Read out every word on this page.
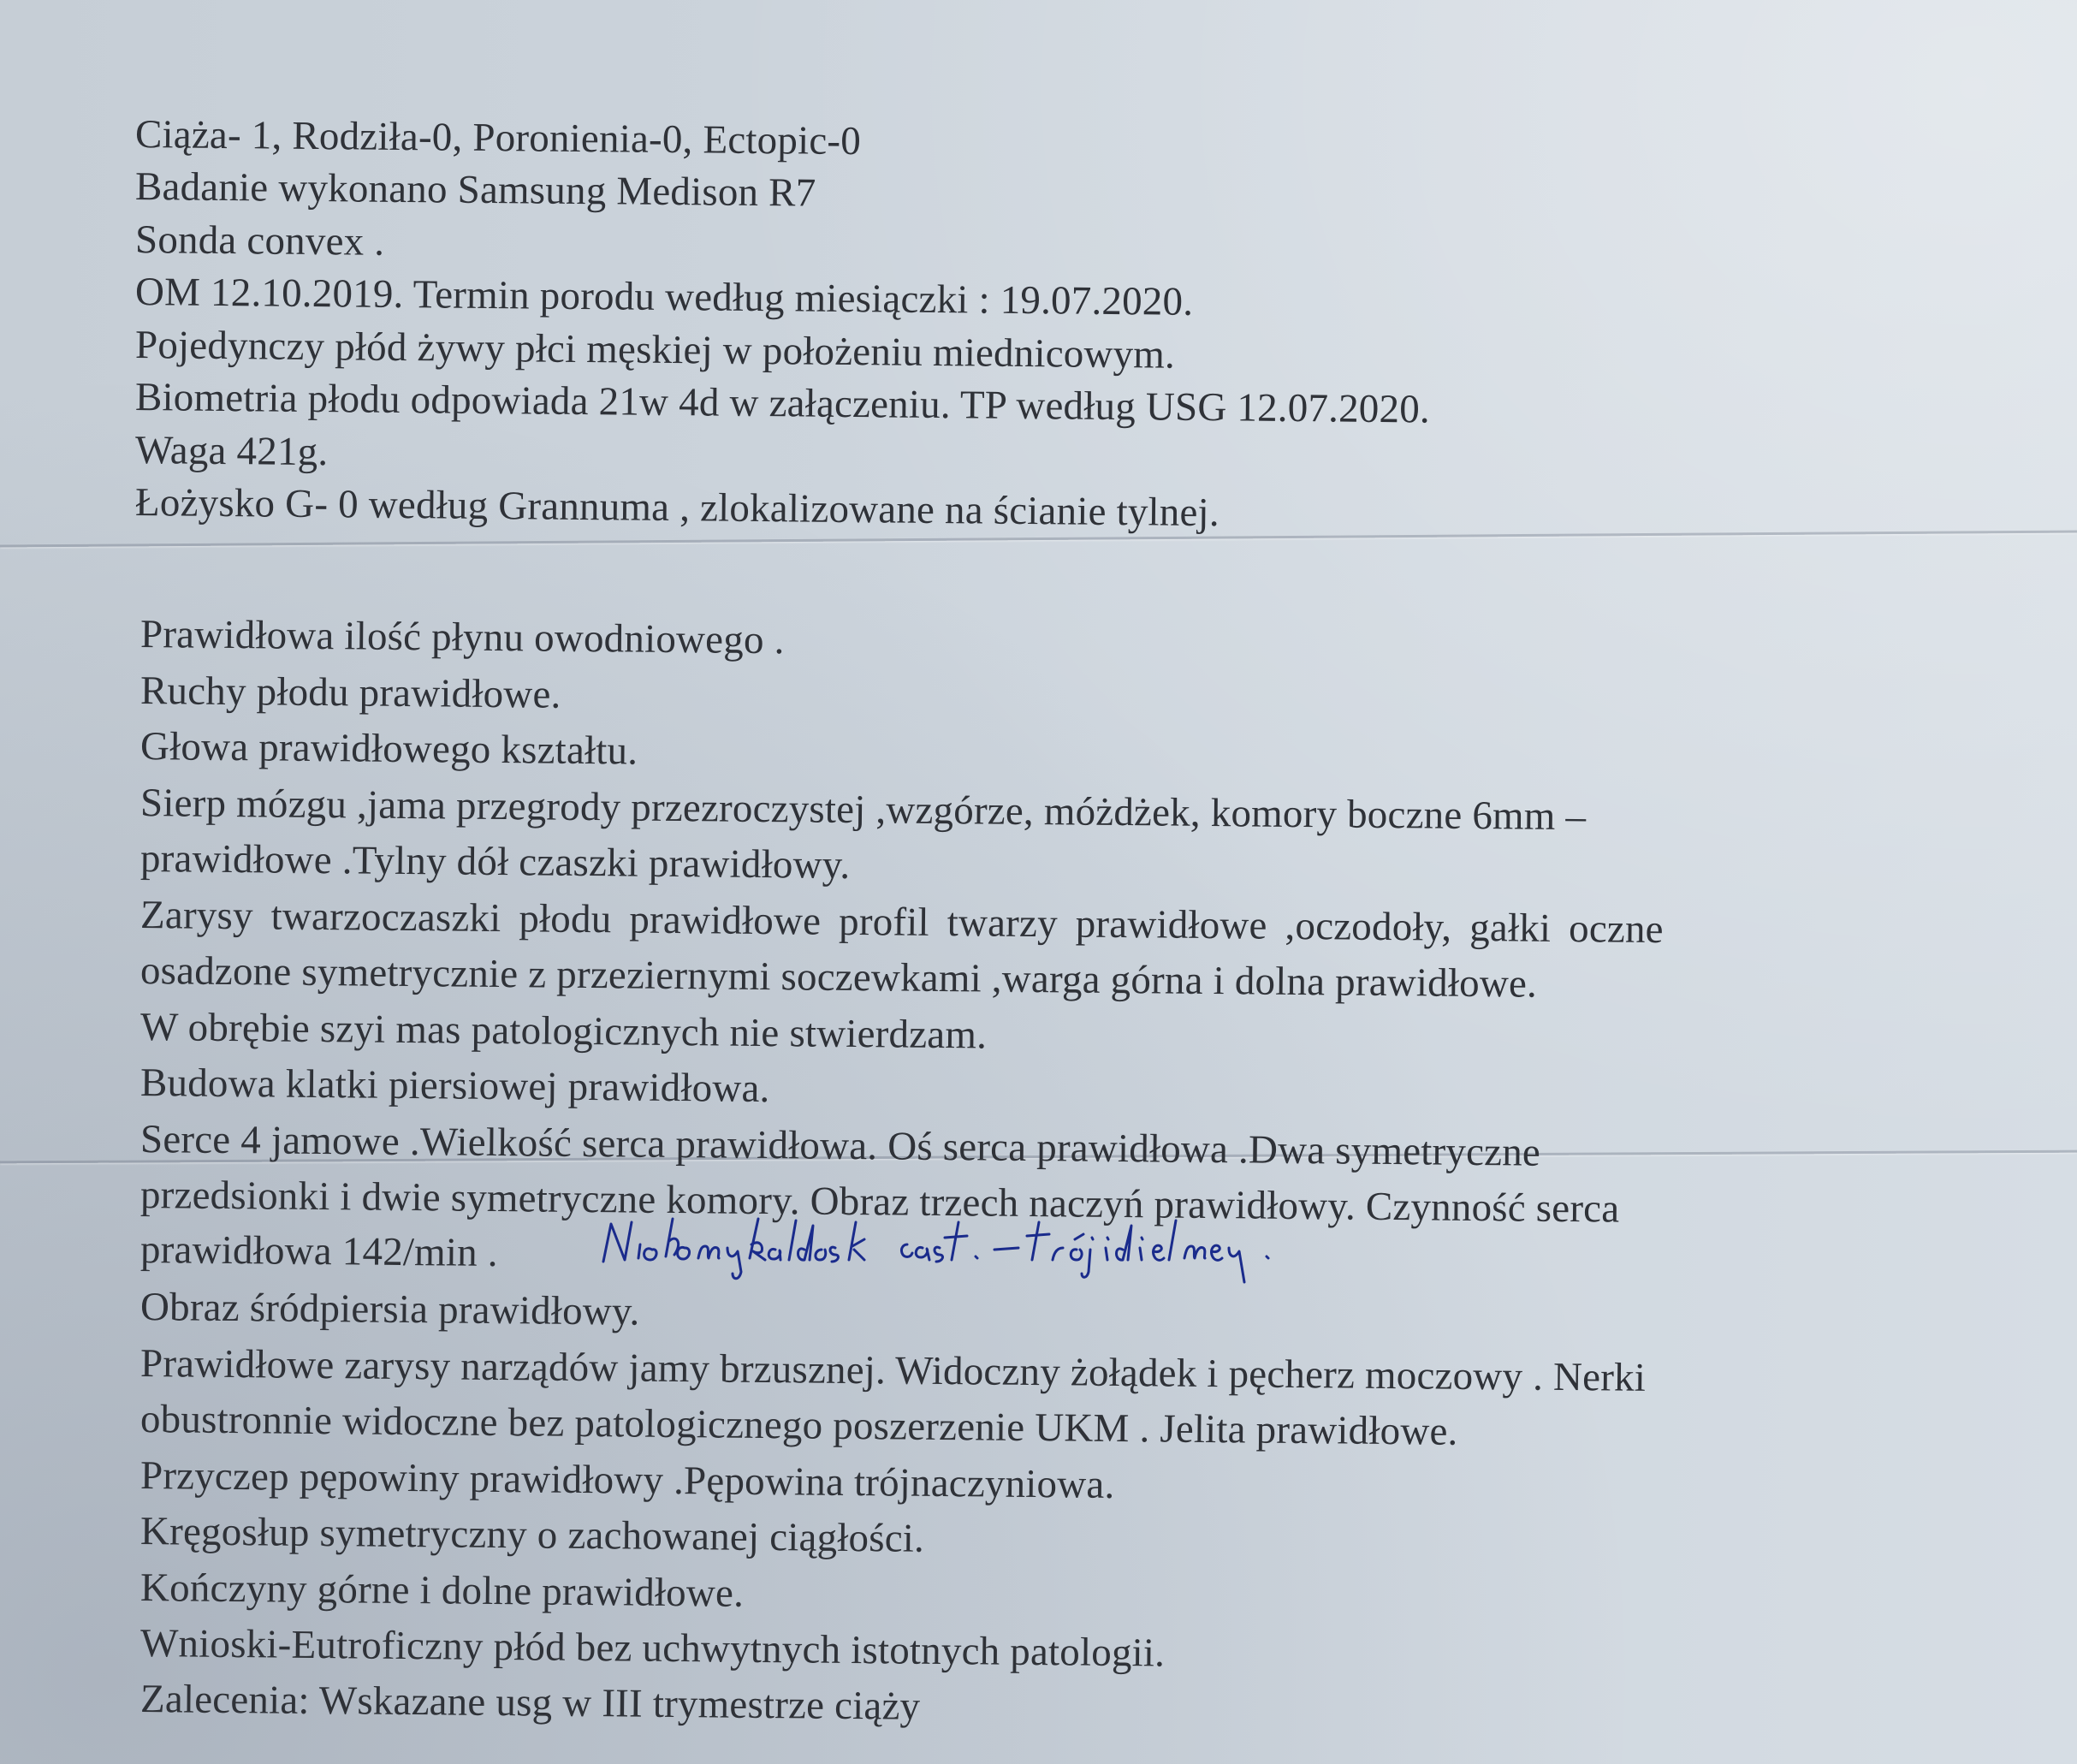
Ciąża- 1, Rodziła-0, Poronienia-0, Ectopic-0
Badanie wykonano Samsung Medison R7
Sonda convex .
OM 12.10.2019. Termin porodu według miesiączki : 19.07.2020.
Pojedynczy płód żywy płci męskiej w położeniu miednicowym.
Biometria płodu odpowiada 21w 4d w załączeniu. TP według USG 12.07.2020.
Waga 421g.
Łożysko G- 0 według Grannuma , zlokalizowane na ścianie tylnej.
Prawidłowa ilość płynu owodniowego .
Ruchy płodu prawidłowe.
Głowa prawidłowego kształtu.
Sierp mózgu ,jama przegrody przezroczystej ,wzgórze, móżdżek, komory boczne 6mm –
prawidłowe .Tylny dół czaszki prawidłowy.
Zarysy twarzoczaszki płodu prawidłowe profil twarzy prawidłowe ,oczodoły, gałki oczne
osadzone symetrycznie z przeziernymi soczewkami ,warga górna i dolna prawidłowe.
W obrębie szyi mas patologicznych nie stwierdzam.
Budowa klatki piersiowej prawidłowa.
Serce 4 jamowe .Wielkość serca prawidłowa. Oś serca prawidłowa .Dwa symetryczne
przedsionki i dwie symetryczne komory. Obraz trzech naczyń prawidłowy. Czynność serca
prawidłowa 142/min .
Obraz śródpiersia prawidłowy.
Prawidłowe zarysy narządów jamy brzusznej. Widoczny żołądek i pęcherz moczowy . Nerki
obustronnie widoczne bez patologicznego poszerzenie UKM . Jelita prawidłowe.
Przyczep pępowiny prawidłowy .Pępowina trójnaczyniowa.
Kręgosłup symetryczny o zachowanej ciągłości.
Kończyny górne i dolne prawidłowe.
Wnioski-Eutroficzny płód bez uchwytnych istotnych patologii.
Zalecenia: Wskazane usg w III trymestrze ciąży
